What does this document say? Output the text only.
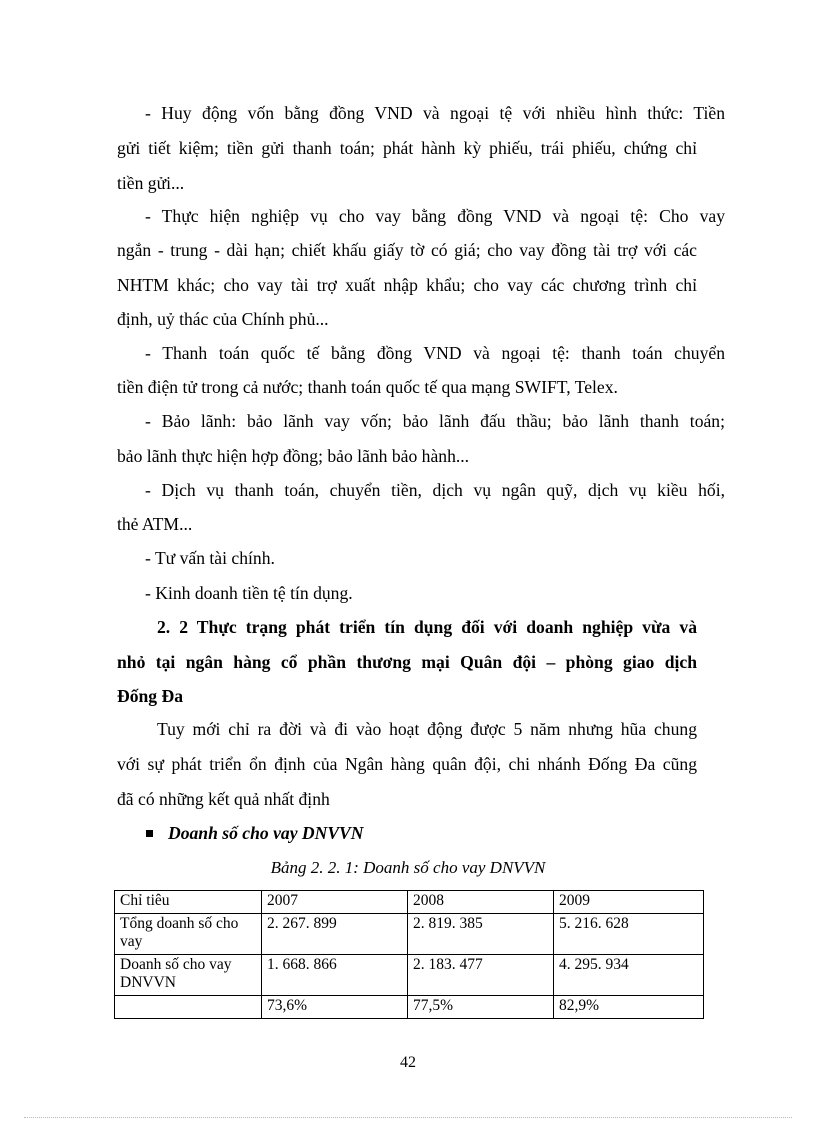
- Huy động vốn bằng đồng VND và ngoại tệ với nhiều hình thức: Tiền
gửi tiết kiệm; tiền gửi thanh toán; phát hành kỳ phiếu, trái phiếu, chứng chỉ
tiền gửi...
- Thực hiện nghiệp vụ cho vay bằng đồng VND và ngoại tệ: Cho vay
ngắn - trung - dài hạn; chiết khấu giấy tờ có giá; cho vay đồng tài trợ với các
NHTM khác; cho vay tài trợ xuất nhập khẩu; cho vay các chương trình chỉ
định, uỷ thác của Chính phủ...
- Thanh toán quốc tế bằng đồng VND và ngoại tệ: thanh toán chuyển
tiền điện tử trong cả nước; thanh toán quốc tế qua mạng SWIFT, Telex.
- Bảo lãnh: bảo lãnh vay vốn; bảo lãnh đấu thầu; bảo lãnh thanh toán;
bảo lãnh thực hiện hợp đồng; bảo lãnh bảo hành...
- Dịch vụ thanh toán, chuyển tiền, dịch vụ ngân quỹ, dịch vụ kiều hối,
thẻ ATM...
- Tư vấn tài chính.
- Kinh doanh tiền tệ tín dụng.
2. 2 Thực trạng phát triển tín dụng đối với doanh nghiệp vừa và
nhỏ tại ngân hàng cổ phần thương mại Quân đội – phòng giao dịch
Đống Đa
Tuy mới chỉ ra đời và đi vào hoạt động được 5 năm nhưng hũa chung
với sự phát triển ổn định của Ngân hàng quân đội, chi nhánh Đống Đa cũng
đã có những kết quả nhất định
Doanh số cho vay DNVVN
Bảng 2. 2. 1: Doanh số cho vay DNVVN
Chỉ tiêu	2007	2008	2009
Tổng doanh số cho vay	2. 267. 899	2. 819. 385	5. 216. 628
Doanh số cho vay DNVVN	1. 668. 866	2. 183. 477	4. 295. 934
	73,6%	77,5%	82,9%
42
